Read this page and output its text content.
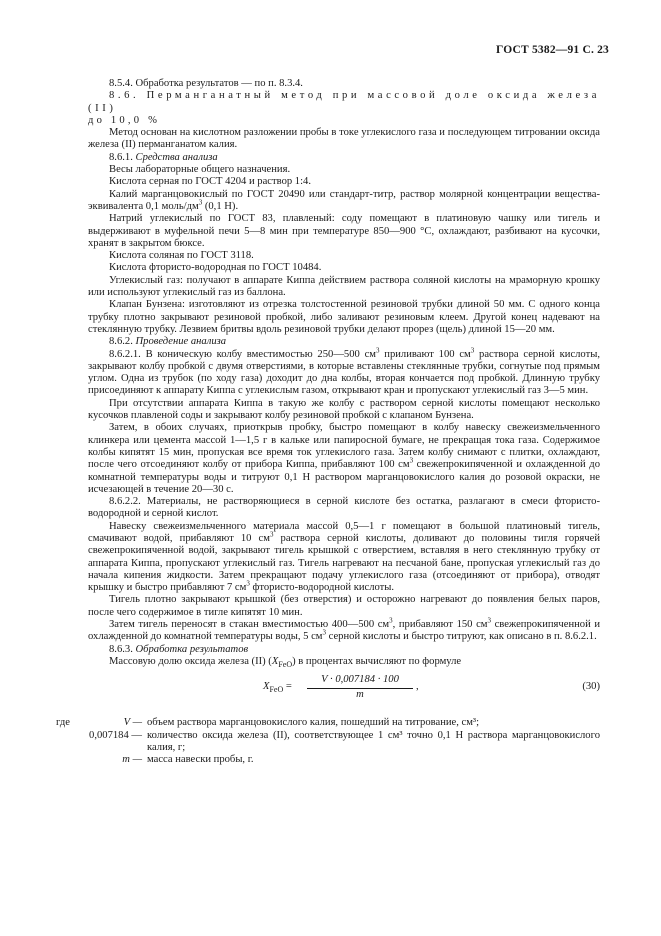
ГОСТ 5382—91 С. 23

8.5.4. Обработка результатов — по п. 8.3.4.

8.6. Перманганатный метод при массовой доле оксида железа (II)

до 10,0 %

Метод основан на кислотном разложении пробы в токе углекислого газа и последующем титровании оксида железа (II) перманганатом калия.

8.6.1. Средства анализа

Весы лабораторные общего назначения.

Кислота серная по ГОСТ 4204 и раствор 1:4.

Калий марганцовокислый по ГОСТ 20490 или стандарт-титр, раствор молярной концентрации вещества-эквивалента 0,1 моль/$дм^3$ (0,1 Н).

Натрий углекислый по ГОСТ 83, плавленый: соду помещают в платиновую чашку или тигель и выдерживают в муфельной печи 5—8 мин при температуре 850—900 °С, охлаждают, разбивают на кусочки, хранят в закрытом бюксе.

Кислота соляная по ГОСТ 3118.

Кислота фтористо-водородная по ГОСТ 10484.

Углекислый газ: получают в аппарате Киппа действием раствора соляной кислоты на мраморную крошку или используют углекислый газ из баллона.

Клапан Бунзена: изготовляют из отрезка толстостенной резиновой трубки длиной 50 мм. С одного конца трубку плотно закрывают резиновой пробкой, либо заливают резиновым клеем. Другой конец надевают на стеклянную трубку. Лезвием бритвы вдоль резиновой трубки делают прорез (щель) длиной 15—20 мм.

8.6.2. Проведение анализа

8.6.2.1. В коническую колбу вместимостью 250—500 $см^3$ приливают 100 $см^3$ раствора серной кислоты, закрывают колбу пробкой с двумя отверстиями, в которые вставлены стеклянные трубки, согнутые под прямым углом. Одна из трубок (по ходу газа) доходит до дна колбы, вторая кончается под пробкой. Длинную трубку присоединяют к аппарату Киппа с углекислым газом, открывают кран и пропускают углекислый газ 3—5 мин.

При отсутствии аппарата Киппа в такую же колбу с раствором серной кислоты помещают несколько кусочков плавленой соды и закрывают колбу резиновой пробкой с клапаном Бунзена.

Затем, в обоих случаях, приоткрыв пробку, быстро помещают в колбу навеску свежеизмельченного клинкера или цемента массой 1—1,5 г в кальке или папиросной бумаге, не прекращая тока газа. Содержимое колбы кипятят 15 мин, пропуская все время ток углекислого газа. Затем колбу снимают с плитки, охлаждают, после чего отсоединяют колбу от прибора Киппа, прибавляют 100 $см^3$ свежепрокипяченной и охлажденной до комнатной температуры воды и титруют 0,1 Н раствором марганцовокислого калия до розовой окраски, не исчезающей в течение 20—30 с.

8.6.2.2. Материалы, не растворяющиеся в серной кислоте без остатка, разлагают в смеси фтористо-водородной и серной кислот.

Навеску свежеизмельченного материала массой 0,5—1 г помещают в большой платиновый тигель, смачивают водой, прибавляют 10 $см^3$ раствора серной кислоты, доливают до половины тигля горячей свежепрокипяченной водой, закрывают тигель крышкой с отверстием, вставляя в него стеклянную трубку от аппарата Киппа, пропускают углекислый газ. Тигель нагревают на песчаной бане, пропуская углекислый газ до начала кипения жидкости. Затем прекращают подачу углекислого газа (отсоединяют от прибора), отводят крышку и быстро прибавляют 7 $см^3$ фтористо-водородной кислоты.

Тигель плотно закрывают крышкой (без отверстия) и осторожно нагревают до появления белых паров, после чего содержимое в тигле кипятят 10 мин.

Затем тигель переносят в стакан вместимостью 400—500 $см^3$, прибавляют 150 $см^3$ свежепрокипяченной и охлажденной до комнатной температуры воды, 5 $см^3$ серной кислоты и быстро титруют, как описано в п. 8.6.2.1.

8.6.3. Обработка результатов

Массовую долю оксида железа (II) $(X_{FeO})$ в процентах вычисляют по формуле

$X_{FeO} = \frac{V \cdot 0,007184 \cdot 100}{m}$ ,	(30)
где	V — объем раствора марганцовокислого калия, пошедший на титрование, см³;
0,007184 — количество оксида железа (II), соответствующее 1 см³ точно 0,1 Н раствора марганцовокислого калия, г;
m — масса навески пробы, г.
